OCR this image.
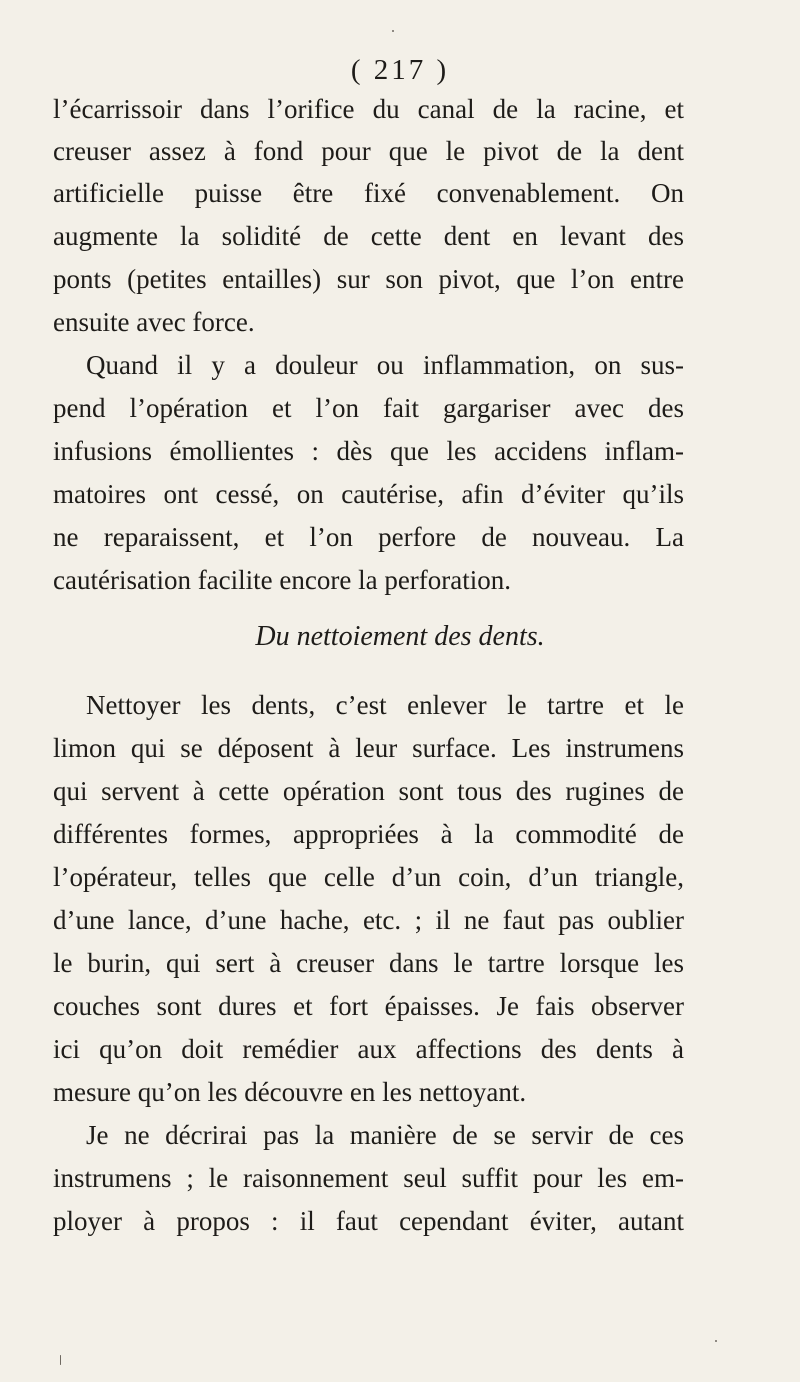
( 217 )
l’écarrissoir dans l’orifice du canal de la racine, et
creuser assez à fond pour que le pivot de la dent
artificielle puisse être fixé convenablement. On
augmente la solidité de cette dent en levant des
ponts (petites entailles) sur son pivot, que l’on entre
ensuite avec force.
Quand il y a douleur ou inflammation, on sus-
pend l’opération et l’on fait gargariser avec des
infusions émollientes : dès que les accidens inflam-
matoires ont cessé, on cautérise, afin d’éviter qu’ils
ne reparaissent, et l’on perfore de nouveau. La
cautérisation facilite encore la perforation.
Du nettoiement des dents.
Nettoyer les dents, c’est enlever le tartre et le
limon qui se déposent à leur surface. Les instrumens
qui servent à cette opération sont tous des rugines de
différentes formes, appropriées à la commodité de
l’opérateur, telles que celle d’un coin, d’un triangle,
d’une lance, d’une hache, etc. ; il ne faut pas oublier
le burin, qui sert à creuser dans le tartre lorsque les
couches sont dures et fort épaisses. Je fais observer
ici qu’on doit remédier aux affections des dents à
mesure qu’on les découvre en les nettoyant.
Je ne décrirai pas la manière de se servir de ces
instrumens ; le raisonnement seul suffit pour les em-
ployer à propos : il faut cependant éviter, autant
